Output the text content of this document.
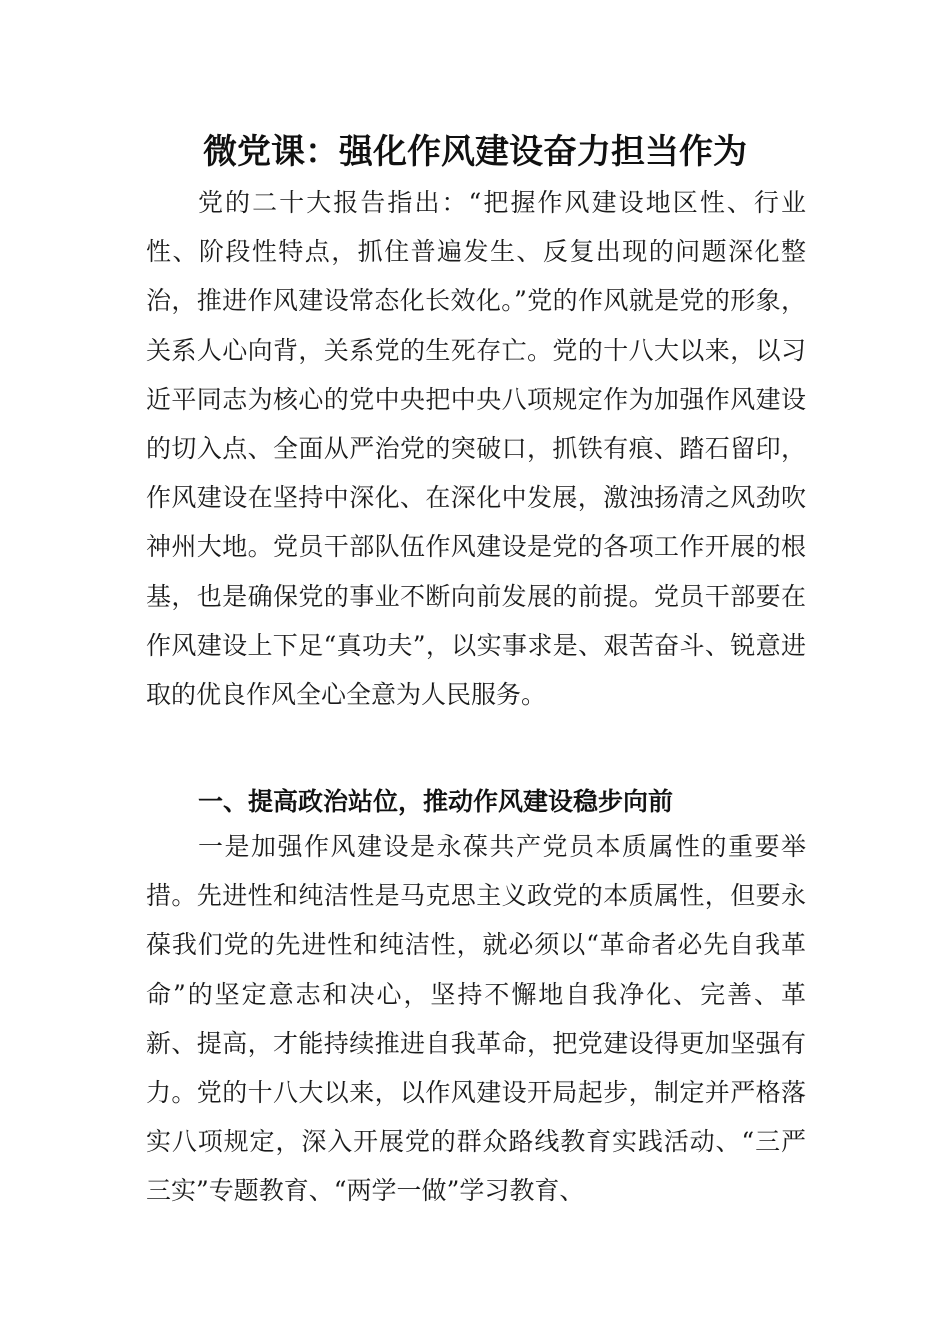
微党课：强化作风建设奋力担当作为

党的二十大报告指出：“把握作风建设地区性、行业性、阶段性特点，抓住普遍发生、反复出现的问题深化整治，推进作风建设常态化长效化。”党的作风就是党的形象，关系人心向背，关系党的生死存亡。党的十八大以来，以习近平同志为核心的党中央把中央八项规定作为加强作风建设的切入点、全面从严治党的突破口，抓铁有痕、踏石留印，作风建设在坚持中深化、在深化中发展，激浊扬清之风劲吹神州大地。党员干部队伍作风建设是党的各项工作开展的根基，也是确保党的事业不断向前发展的前提。党员干部要在作风建设上下足“真功夫”，以实事求是、艰苦奋斗、锐意进取的优良作风全心全意为人民服务。

一、提高政治站位，推动作风建设稳步向前

一是加强作风建设是永葆共产党员本质属性的重要举措。先进性和纯洁性是马克思主义政党的本质属性，但要永葆我们党的先进性和纯洁性，就必须以“革命者必先自我革命”的坚定意志和决心，坚持不懈地自我净化、完善、革新、提高，才能持续推进自我革命，把党建设得更加坚强有力。党的十八大以来，以作风建设开局起步，制定并严格落实八项规定，深入开展党的群众路线教育实践活动、“三严三实”专题教育、“两学一做”学习教育、
